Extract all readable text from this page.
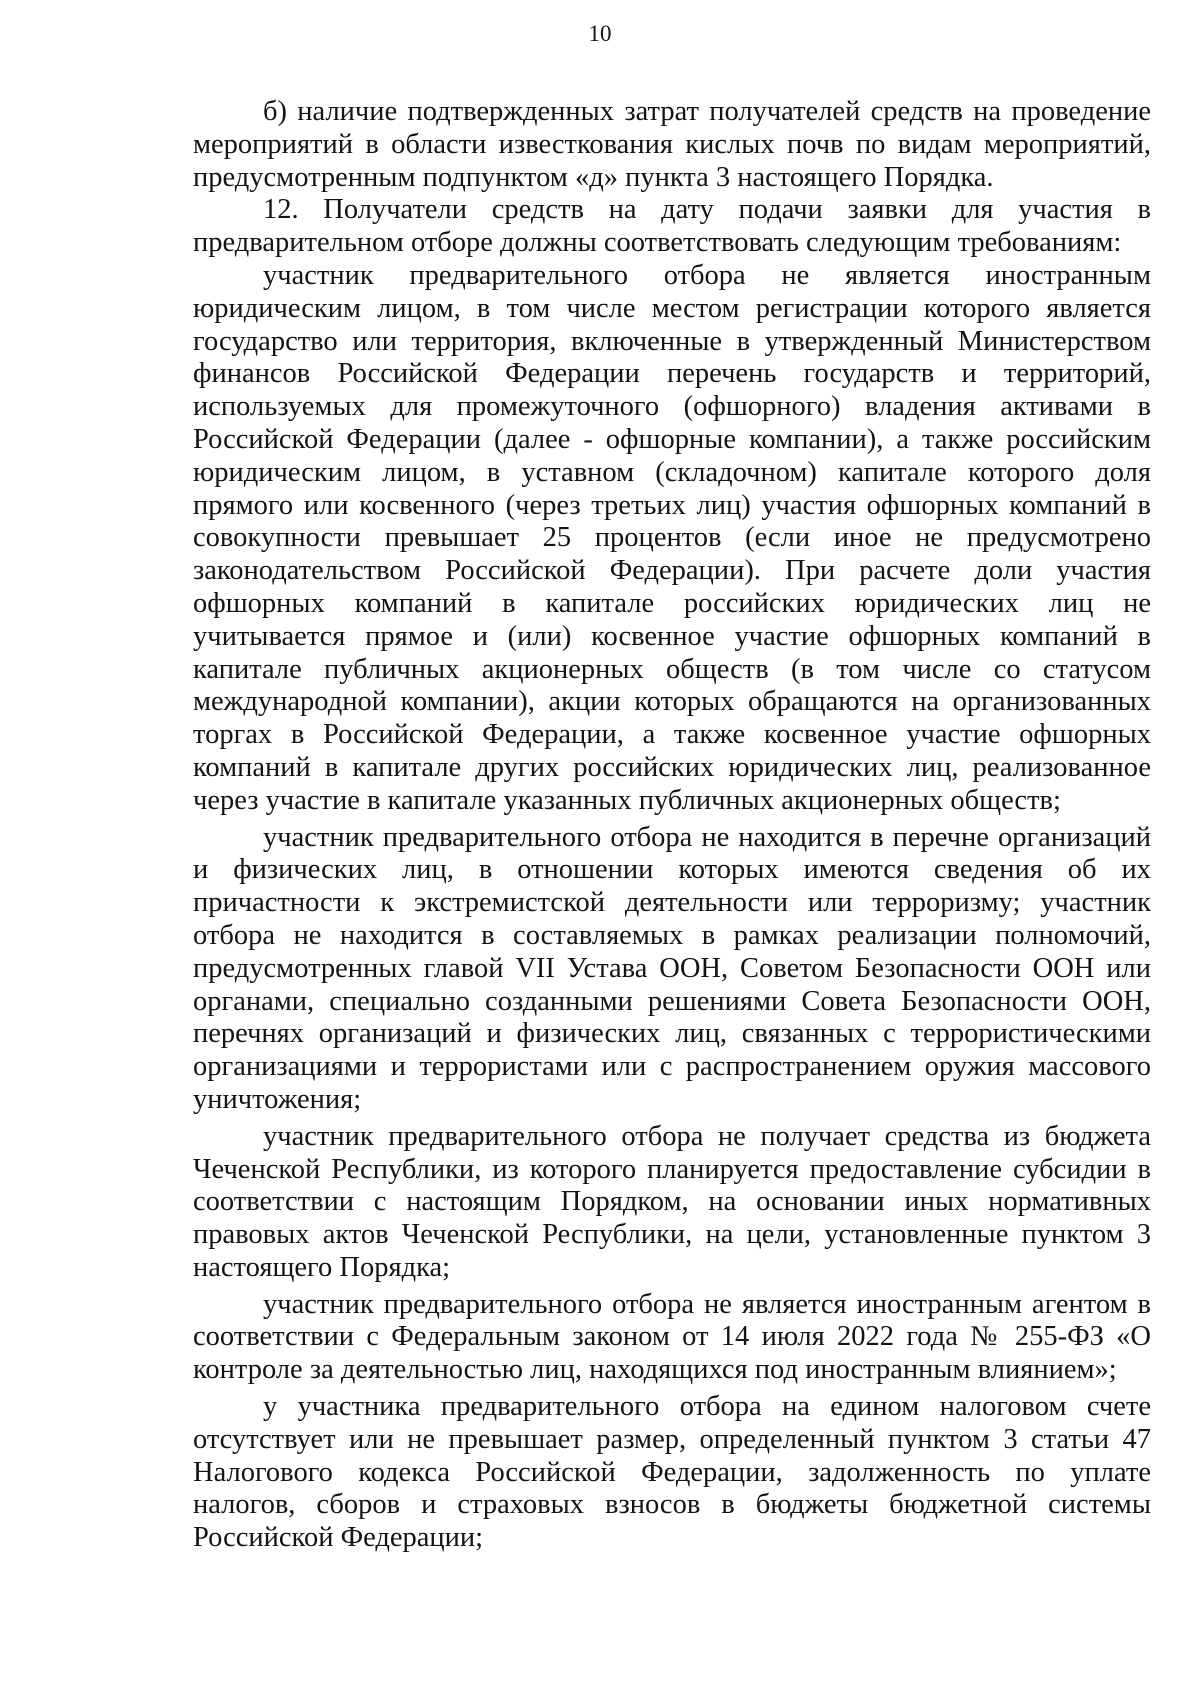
10

б) наличие подтвержденных затрат получателей средств на проведение мероприятий в области известкования кислых почв по видам мероприятий, предусмотренным подпунктом «д» пункта 3 настоящего Порядка.

12. Получатели средств на дату подачи заявки для участия в предварительном отборе должны соответствовать следующим требованиям:

участник предварительного отбора не является иностранным юридическим лицом, в том числе местом регистрации которого является государство или территория, включенные в утвержденный Министерством финансов Российской Федерации перечень государств и территорий, используемых для промежуточного (офшорного) владения активами в Российской Федерации (далее - офшорные компании), а также российским юридическим лицом, в уставном (складочном) капитале которого доля прямого или косвенного (через третьих лиц) участия офшорных компаний в совокупности превышает 25 процентов (если иное не предусмотрено законодательством Российской Федерации). При расчете доли участия офшорных компаний в капитале российских юридических лиц не учитывается прямое и (или) косвенное участие офшорных компаний в капитале публичных акционерных обществ (в том числе со статусом международной компании), акции которых обращаются на организованных торгах в Российской Федерации, а также косвенное участие офшорных компаний в капитале других российских юридических лиц, реализованное через участие в капитале указанных публичных акционерных обществ;

участник предварительного отбора не находится в перечне организаций и физических лиц, в отношении которых имеются сведения об их причастности к экстремистской деятельности или терроризму; участник отбора не находится в составляемых в рамках реализации полномочий, предусмотренных главой VII Устава ООН, Советом Безопасности ООН или органами, специально созданными решениями Совета Безопасности ООН, перечнях организаций и физических лиц, связанных с террористическими организациями и террористами или с распространением оружия массового уничтожения;

участник предварительного отбора не получает средства из бюджета Чеченской Республики, из которого планируется предоставление субсидии в соответствии с настоящим Порядком, на основании иных нормативных правовых актов Чеченской Республики, на цели, установленные пунктом 3 настоящего Порядка;

участник предварительного отбора не является иностранным агентом в соответствии с Федеральным законом от 14 июля 2022 года № 255-ФЗ «О контроле за деятельностью лиц, находящихся под иностранным влиянием»;

у участника предварительного отбора на едином налоговом счете отсутствует или не превышает размер, определенный пунктом 3 статьи 47 Налогового кодекса Российской Федерации, задолженность по уплате налогов, сборов и страховых взносов в бюджеты бюджетной системы Российской Федерации;
